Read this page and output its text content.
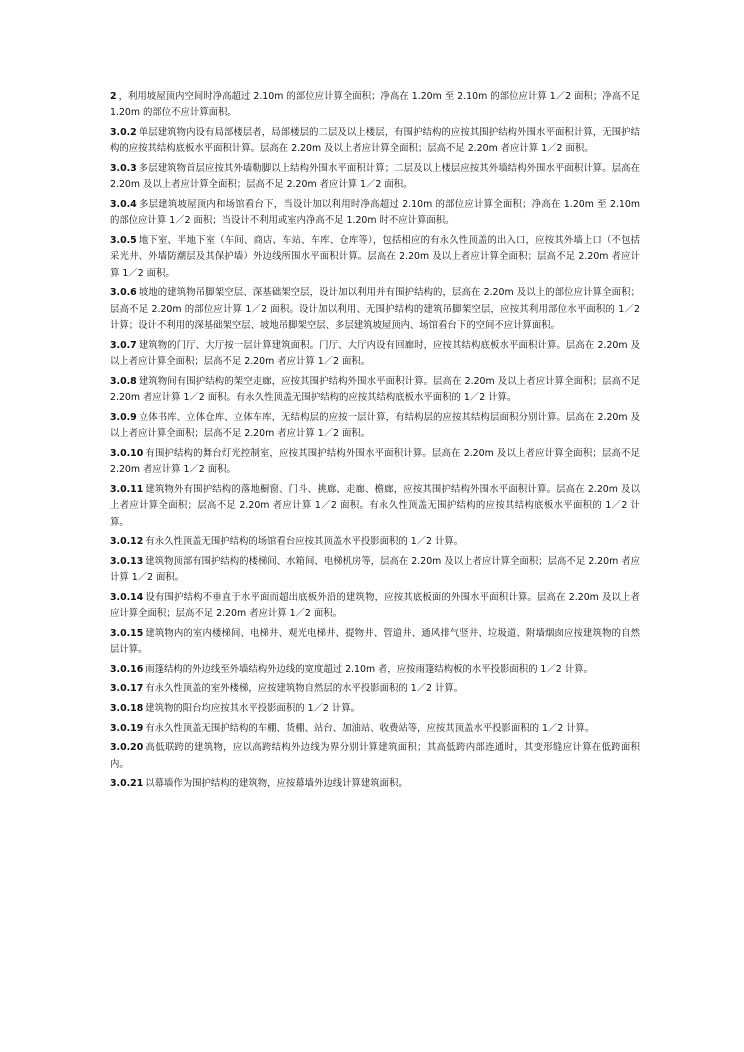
2 ，利用坡屋顶内空间时净高超过 2.10m 的部位应计算全面积；净高在 1.20m 至 2.10m 的部位应计算 1／2 面积；净高不足 1.20m 的部位不应计算面积。

3.0.2 单层建筑物内设有局部楼层者，局部楼层的二层及以上楼层，有围护结构的应按其围护结构外围水平面积计算，无围护结构的应按其结构底板水平面积计算。层高在 2.20m 及以上者应计算全面积；层高不足 2.20m 者应计算 1／2 面积。

3.0.3 多层建筑物首层应按其外墙勒脚以上结构外围水平面积计算；二层及以上楼层应按其外墙结构外围水平面积计算。层高在 2.20m 及以上者应计算全面积；层高不足 2.20m 者应计算 1／2 面积。

3.0.4 多层建筑坡屋顶内和场馆看台下，当设计加以利用时净高超过 2.10m 的部位应计算全面积；净高在 1.20m 至 2.10m 的部位应计算 1／2 面积；当设计不利用或室内净高不足 1.20m 时不应计算面积。

3.0.5 地下室、半地下室（车间、商店、车站、车库、仓库等），包括相应的有永久性顶盖的出入口，应按其外墙上口（不包括采光井、外墙防潮层及其保护墙）外边线所围水平面积计算。层高在 2.20m 及以上者应计算全面积；层高不足 2.20m 者应计算 1／2 面积。

3.0.6 坡地的建筑物吊脚架空层、深基础架空层，设计加以利用并有围护结构的，层高在 2.20m 及以上的部位应计算全面积；层高不足 2.20m 的部位应计算 1／2 面积。设计加以利用、无围护结构的建筑吊脚架空层，应按其利用部位水平面积的 1／2 计算；设计不利用的深基础架空层、坡地吊脚架空层、多层建筑坡屋顶内、场馆看台下的空间不应计算面积。

3.0.7 建筑物的门厅、大厅按一层计算建筑面积。门厅、大厅内设有回廊时，应按其结构底板水平面积计算。层高在 2.20m 及以上者应计算全面积；层高不足 2.20m 者应计算 1／2 面积。

3.0.8 建筑物间有围护结构的架空走廊，应按其围护结构外围水平面积计算。层高在 2.20m 及以上者应计算全面积；层高不足 2.20m 者应计算 1／2 面积。有永久性顶盖无围护结构的应按其结构底板水平面积的 1／2 计算。

3.0.9 立体书库、立体仓库、立体车库，无结构层的应按一层计算，有结构层的应按其结构层面积分别计算。层高在 2.20m 及以上者应计算全面积；层高不足 2.20m 者应计算 1／2 面积。

3.0.10 有围护结构的舞台灯光控制室，应按其围护结构外围水平面积计算。层高在 2.20m 及以上者应计算全面积；层高不足 2.20m 者应计算 1／2 面积。

3.0.11 建筑物外有围护结构的落地橱窗、门斗、挑廊、走廊、檐廊，应按其围护结构外围水平面积计算。层高在 2.20m 及以上者应计算全面积；层高不足 2.20m 者应计算 1／2 面积。有永久性顶盖无围护结构的应按其结构底板水平面积的 1／2 计算。

3.0.12 有永久性顶盖无围护结构的场馆看台应按其顶盖水平投影面积的 1／2 计算。

3.0.13 建筑物顶部有围护结构的楼梯间、水箱间、电梯机房等，层高在 2.20m 及以上者应计算全面积；层高不足 2.20m 者应计算 1／2 面积。

3.0.14 设有围护结构不垂直于水平面而超出底板外沿的建筑物，应按其底板面的外围水平面积计算。层高在 2.20m 及以上者应计算全面积；层高不足 2.20m 者应计算 1／2 面积。

3.0.15 建筑物内的室内楼梯间、电梯井、观光电梯井、提物井、管道井、通风排气竖井、垃圾道、附墙烟囱应按建筑物的自然层计算。

3.0.16 雨篷结构的外边线至外墙结构外边线的宽度超过 2.10m 者，应按雨篷结构板的水平投影面积的 1／2 计算。

3.0.17 有永久性顶盖的室外楼梯，应按建筑物自然层的水平投影面积的 1／2 计算。

3.0.18 建筑物的阳台均应按其水平投影面积的 1／2 计算。

3.0.19 有永久性顶盖无围护结构的车棚、货棚、站台、加油站、收费站等，应按其顶盖水平投影面积的 1／2 计算。

3.0.20 高低联跨的建筑物，应以高跨结构外边线为界分别计算建筑面积；其高低跨内部连通时，其变形缝应计算在低跨面积内。

3.0.21 以幕墙作为围护结构的建筑物，应按幕墙外边线计算建筑面积。
